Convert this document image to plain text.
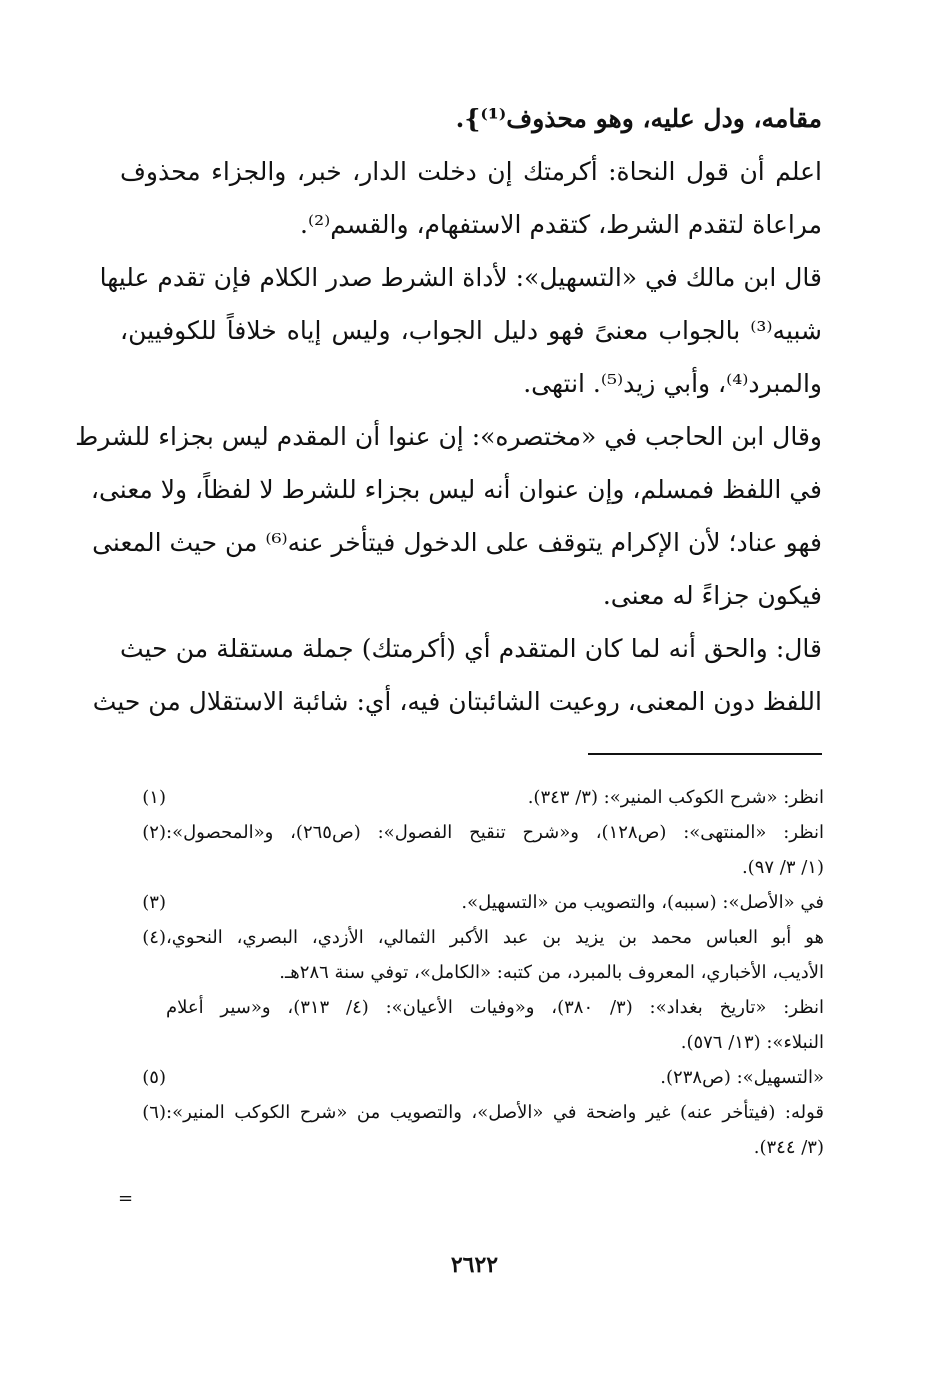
مقامه، ودل عليه، وهو محذوف⁽¹⁾}.
اعلم أن قول النحاة: أكرمتك إن دخلت الدار، خبر، والجزاء محذوف
مراعاة لتقدم الشرط، كتقدم الاستفهام، والقسم⁽²⁾.
قال ابن مالك في «التسهيل»: لأداة الشرط صدر الكلام فإن تقدم عليها
شبيه⁽³⁾ بالجواب معنىً فهو دليل الجواب، وليس إياه خلافاً للكوفيين،
والمبرد⁽⁴⁾، وأبي زيد⁽⁵⁾. انتهى.
وقال ابن الحاجب في «مختصره»: إن عنوا أن المقدم ليس بجزاء للشرط
في اللفظ فمسلم، وإن عنوان أنه ليس بجزاء للشرط لا لفظاً، ولا معنى،
فهو عناد؛ لأن الإكرام يتوقف على الدخول فيتأخر عنه⁽⁶⁾ من حيث المعنى
فيكون جزاءً له معنى.
قال: والحق أنه لما كان المتقدم أي (أكرمتك) جملة مستقلة من حيث
اللفظ دون المعنى، روعيت الشائبتان فيه، أي: شائبة الاستقلال من حيث
(١)	انظر: «شرح الكوكب المنير»: (٣/ ٣٤٣).
(٢) انظر: «المنتهى»: (ص١٢٨)، و«شرح تنقيح الفصول»: (ص٢٦٥)، و«المحصول»:
(١/ ٣/ ٩٧).
(٣)	في «الأصل»: (سببه)، والتصويب من «التسهيل».
(٤) هو أبو العباس محمد بن يزيد بن عبد الأكبر الثمالي، الأزدي، البصري، النحوي،
الأديب، الأخباري، المعروف بالمبرد، من كتبه: «الكامل»، توفي سنة ٢٨٦هـ.
انظر: «تاريخ بغداد»: (٣/ ٣٨٠)، و«وفيات الأعيان»: (٤/ ٣١٣)، و«سير أعلام
النبلاء»: (١٣/ ٥٧٦).
(٥)	«التسهيل»: (ص٢٣٨).
(٦) قوله: (فيتأخر عنه) غير واضحة في «الأصل»، والتصويب من «شرح الكوكب المنير»:
(٣/ ٣٤٤).
=
٢٦٢٢
